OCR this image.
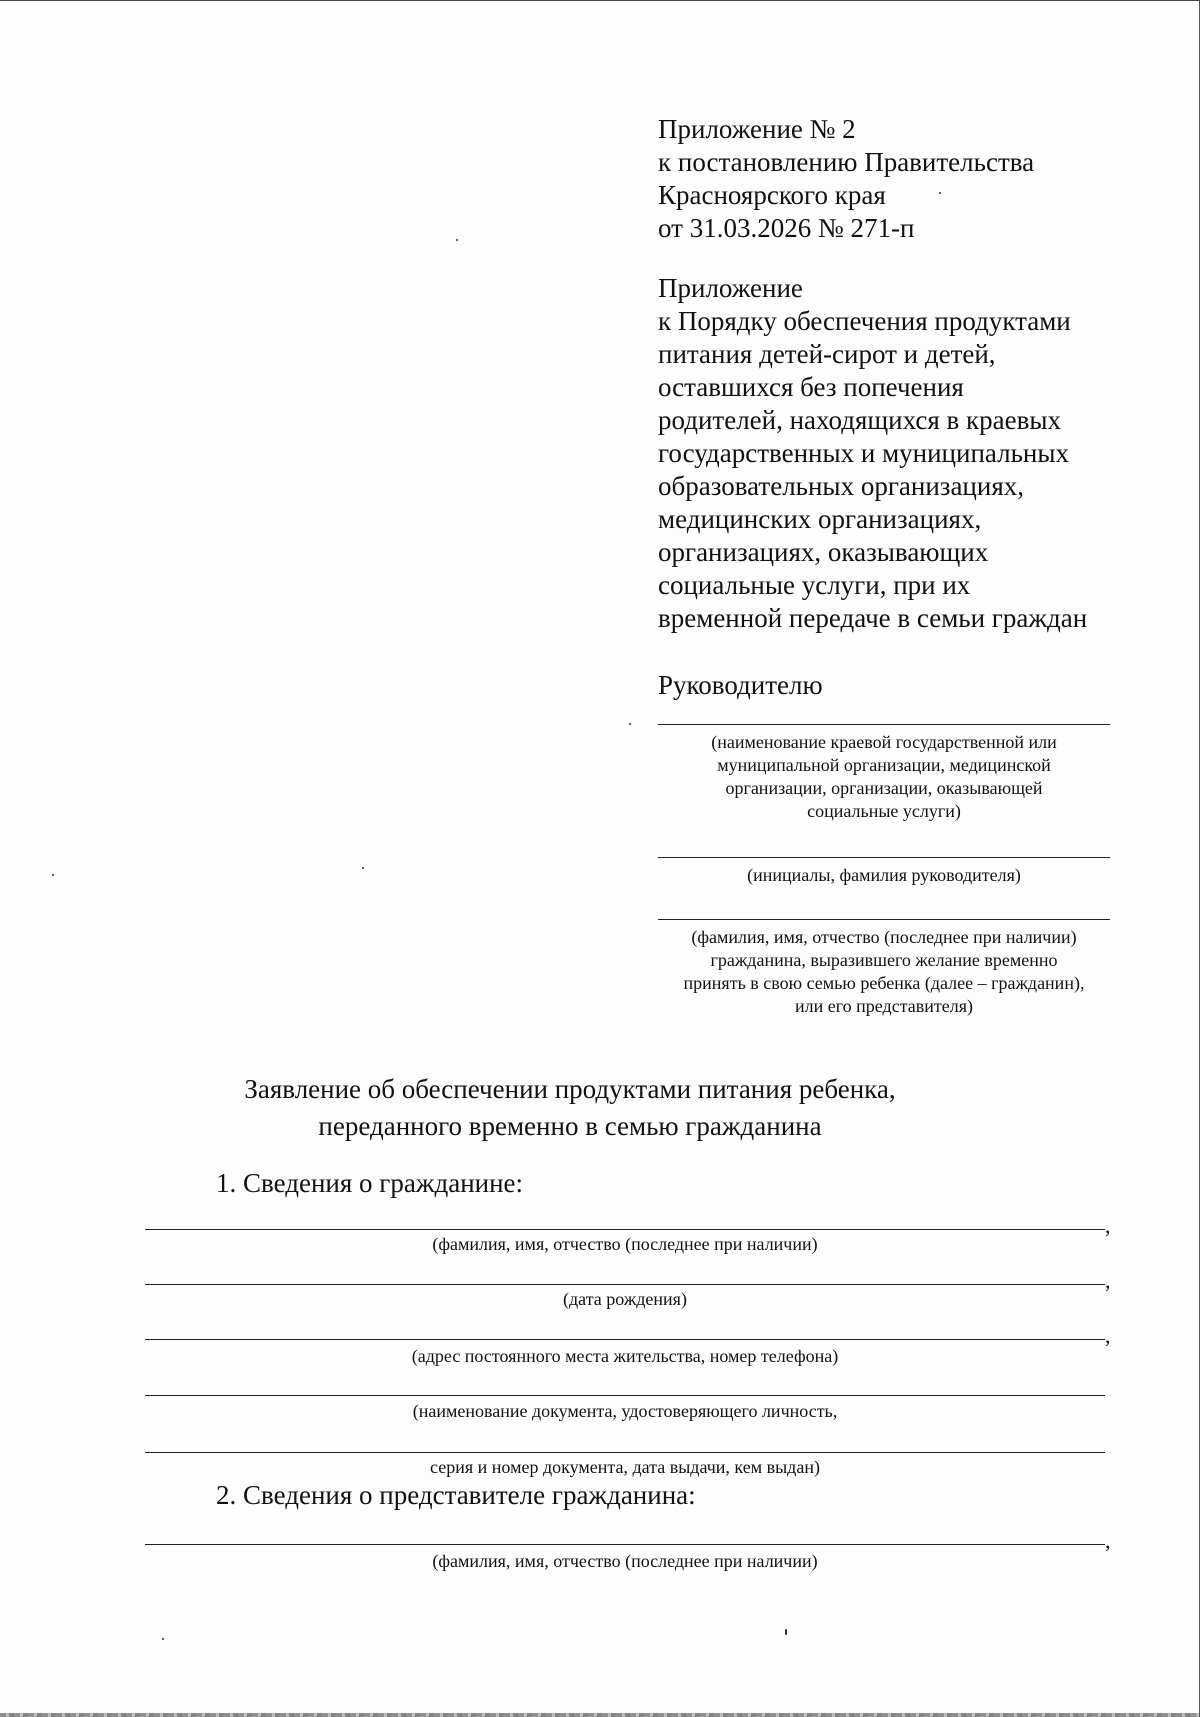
Приложение № 2
к постановлению Правительства
Красноярского края
от 31.03.2026 № 271-п
Приложение
к Порядку обеспечения продуктами
питания детей-сирот и детей,
оставшихся без попечения
родителей, находящихся в краевых
государственных и муниципальных
образовательных организациях,
медицинских организациях,
организациях, оказывающих
социальные услуги, при их
временной передаче в семьи граждан
Руководителю
(наименование краевой государственной или
муниципальной организации, медицинской
организации, организации, оказывающей
социальные услуги)
(инициалы, фамилия руководителя)
(фамилия, имя, отчество (последнее при наличии)
гражданина, выразившего желание временно
принять в свою семью ребенка (далее – гражданин),
или его представителя)
Заявление об обеспечении продуктами питания ребенка,
переданного временно в семью гражданина
1. Сведения о гражданине:
,
(фамилия, имя, отчество (последнее при наличии)
,
(дата рождения)
,
(адрес постоянного места жительства, номер телефона)
(наименование документа, удостоверяющего личность,
серия и номер документа, дата выдачи, кем выдан)
2. Сведения о представителе гражданина:
,
(фамилия, имя, отчество (последнее при наличии)
